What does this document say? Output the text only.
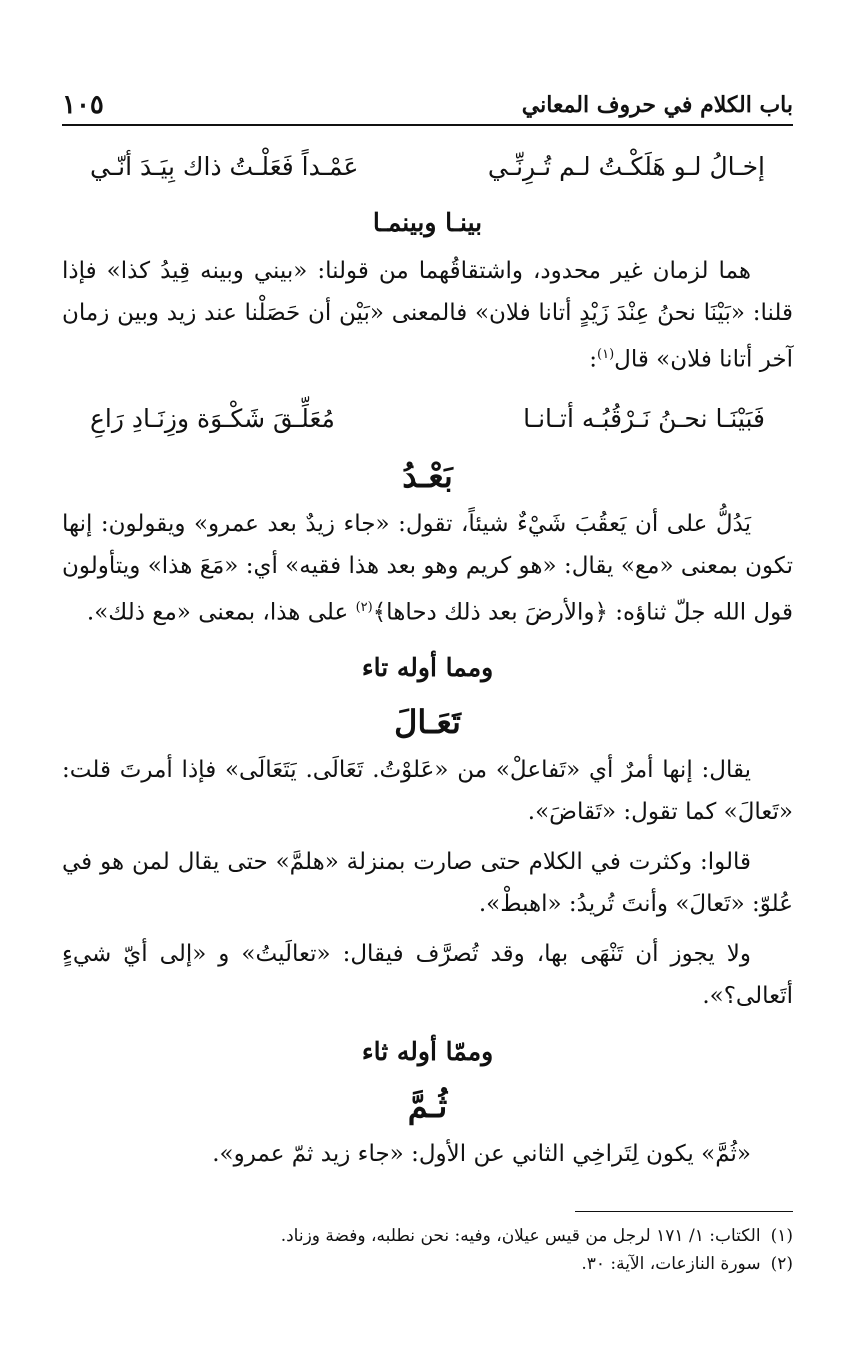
باب الكلام في حروف المعاني
١٠٥
إخـالُ لـو هَلَكْـتُ لـم تُـرِنِّـي
عَمْـداً فَعَلْـتُ ذاك بِيَـدَ أنّـي
بينـا وبينمـا

هما لزمان غير محدود، واشتقاقُهما من قولنا: «بيني وبينه قِيدُ كذا» فإذا قلنا: «بَيْنَا نحنُ عِنْدَ زَيْدٍ أتانا فلان» فالمعنى «بَيْن أن حَصَلْنا عند زيد وبين زمان آخر أتانا فلان» قال$^{(١)}$:

فَبَيْنَـا نحـنُ نَـرْقُبُـه أتـانـا
مُعَلِّـقَ شَكْـوَة وزِنَـادِ رَاعِ
بَعْـدُ

يَدُلُّ على أن يَعقُبَ شَيْءٌ شيئاً، تقول: «جاء زيدٌ بعد عمرو» ويقولون: إنها تكون بمعنى «مع» يقال: «هو كريم وهو بعد هذا فقيه» أي: «مَعَ هذا» ويتأولون قول الله جلّ ثناؤه: ﴿والأرضَ بعد ذلك دحاها﴾$^{(٢)}$ على هذا، بمعنى «مع ذلك».

ومما أوله تاء
تَعَـالَ

يقال: إنها أمرٌ أي «تَفاعلْ» من «عَلوْتُ. تَعَالَى. يَتَعَالَى» فإذا أمرتَ قلت: «تَعالَ» كما تقول: «تَقاضَ».

قالوا: وكثرت في الكلام حتى صارت بمنزلة «هلمَّ» حتى يقال لمن هو في عُلوّ: «تَعالَ» وأنتَ تُريدُ: «اهبطْ».

ولا يجوز أن تَنْهَى بها، وقد تُصرَّف فيقال: «تعالَيتُ» و «إلى أيّ شيءٍ أتَعالى؟».

وممّا أوله ثاء
ثُـمَّ

«ثُمَّ» يكون لِتَراخِي الثاني عن الأول: «جاء زيد ثمّ عمرو».

(١)
الكتاب: ١/ ١٧١ لرجل من قيس عيلان، وفيه: نحن نطلبه، وفضة وزناد.
(٢)
سورة النازعات، الآية: ٣٠.
